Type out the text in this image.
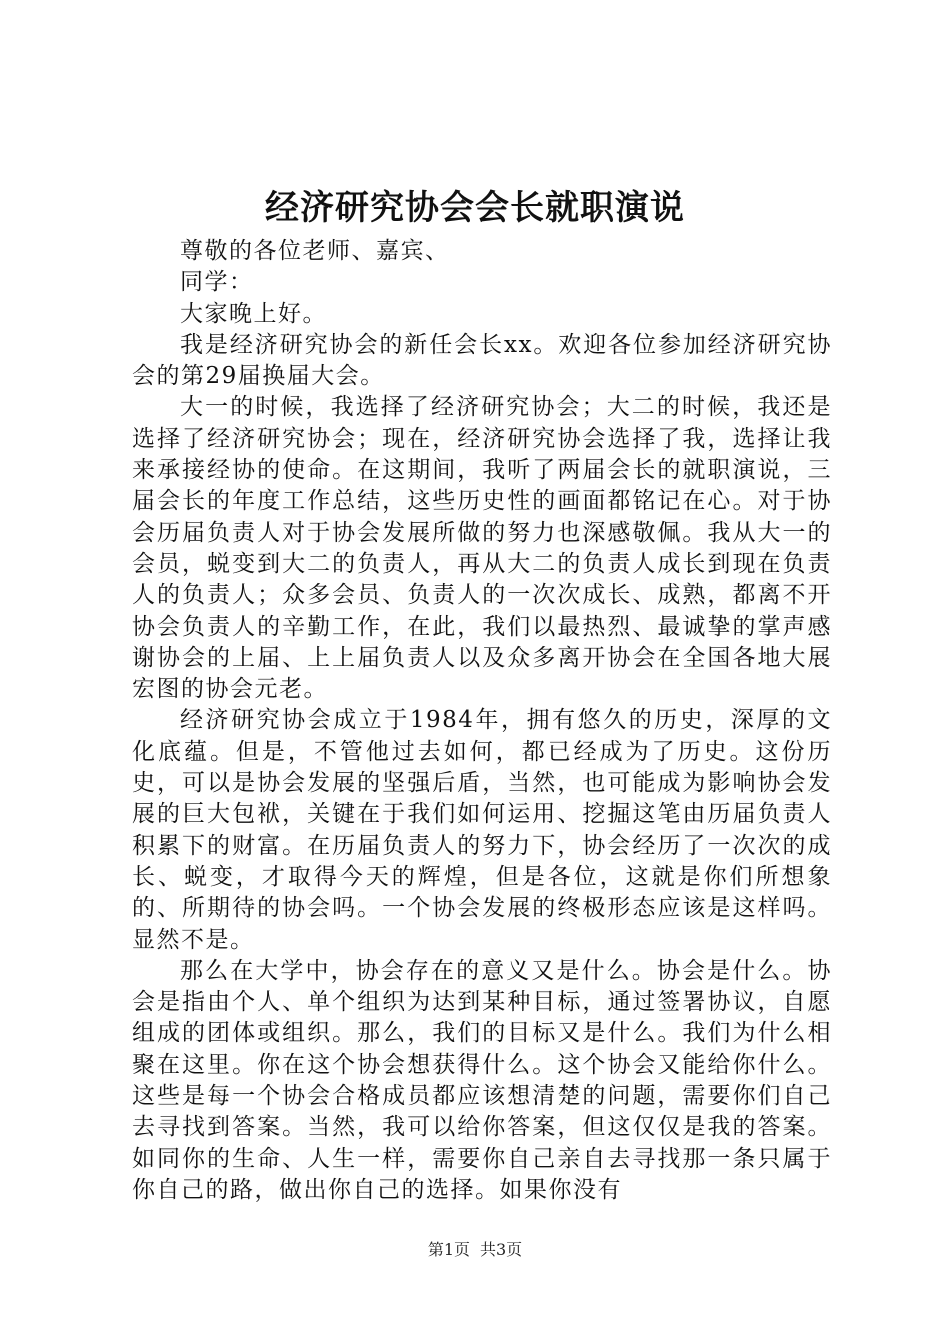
经济研究协会会长就职演说

尊敬的各位老师、嘉宾、

同学：

大家晚上好。

我是经济研究协会的新任会长xx。欢迎各位参加经济研究协会的第29届换届大会。

大一的时候，我选择了经济研究协会；大二的时候，我还是选择了经济研究协会；现在，经济研究协会选择了我，选择让我来承接经协的使命。在这期间，我听了两届会长的就职演说，三届会长的年度工作总结，这些历史性的画面都铭记在心。对于协会历届负责人对于协会发展所做的努力也深感敬佩。我从大一的会员，蜕变到大二的负责人，再从大二的负责人成长到现在负责人的负责人；众多会员、负责人的一次次成长、成熟，都离不开协会负责人的辛勤工作，在此，我们以最热烈、最诚挚的掌声感谢协会的上届、上上届负责人以及众多离开协会在全国各地大展宏图的协会元老。

经济研究协会成立于1984年，拥有悠久的历史，深厚的文化底蕴。但是，不管他过去如何，都已经成为了历史。这份历史，可以是协会发展的坚强后盾，当然，也可能成为影响协会发展的巨大包袱，关键在于我们如何运用、挖掘这笔由历届负责人积累下的财富。在历届负责人的努力下，协会经历了一次次的成长、蜕变，才取得今天的辉煌，但是各位，这就是你们所想象的、所期待的协会吗。一个协会发展的终极形态应该是这样吗。显然不是。

那么在大学中，协会存在的意义又是什么。协会是什么。协会是指由个人、单个组织为达到某种目标，通过签署协议，自愿组成的团体或组织。那么，我们的目标又是什么。我们为什么相聚在这里。你在这个协会想获得什么。这个协会又能给你什么。这些是每一个协会合格成员都应该想清楚的问题，需要你们自己去寻找到答案。当然，我可以给你答案，但这仅仅是我的答案。如同你的生命、人生一样，需要你自己亲自去寻找那一条只属于你自己的路，做出你自己的选择。如果你没有

第1页 共3页
